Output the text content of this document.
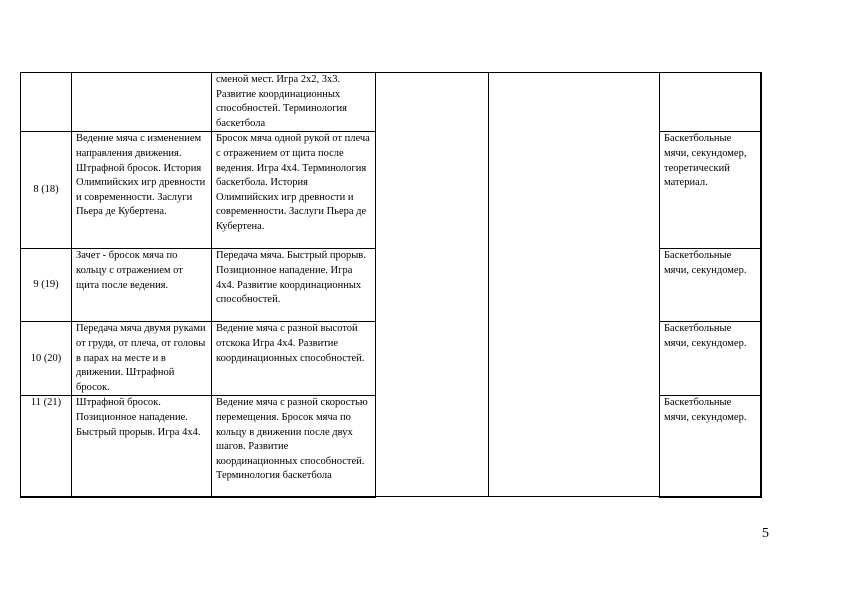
		сменой мест. Игра 2х2, 3х3. Развитие координационных способностей. Терминология баскетбола			

8 (18)	Ведение мяча с изменением направления движения. Штрафной бросок. История Олимпийских игр древности и современности. Заслуги Пьера де Кубертена.	Бросок мяча одной рукой от плеча с отражением от щита после ведения. Игра 4х4. Терминология баскетбола. История Олимпийских игр древности и современности. Заслуги Пьера де Кубертена.			Баскетбольные мячи, секундомер, теоретический материал.

9 (19)	Зачет - бросок мяча по кольцу с отражением от щита после ведения.	Передача мяча. Быстрый прорыв. Позиционное нападение. Игра 4х4. Развитие координационных способностей.			Баскетбольные мячи, секундомер.

10 (20)	Передача мяча двумя руками от груди, от плеча, от головы в парах на месте и в движении. Штрафной бросок.	Ведение мяча с разной высотой отскока Игра 4х4. Развитие координационных способностей.			Баскетбольные мячи, секундомер.

11 (21)	Штрафной бросок. Позиционное нападение. Быстрый прорыв. Игра 4х4.	Ведение мяча с разной скоростью перемещения. Бросок мяча по кольцу в движении после двух шагов. Развитие координационных способностей. Терминология баскетбола			Баскетбольные мячи, секундомер.
5
